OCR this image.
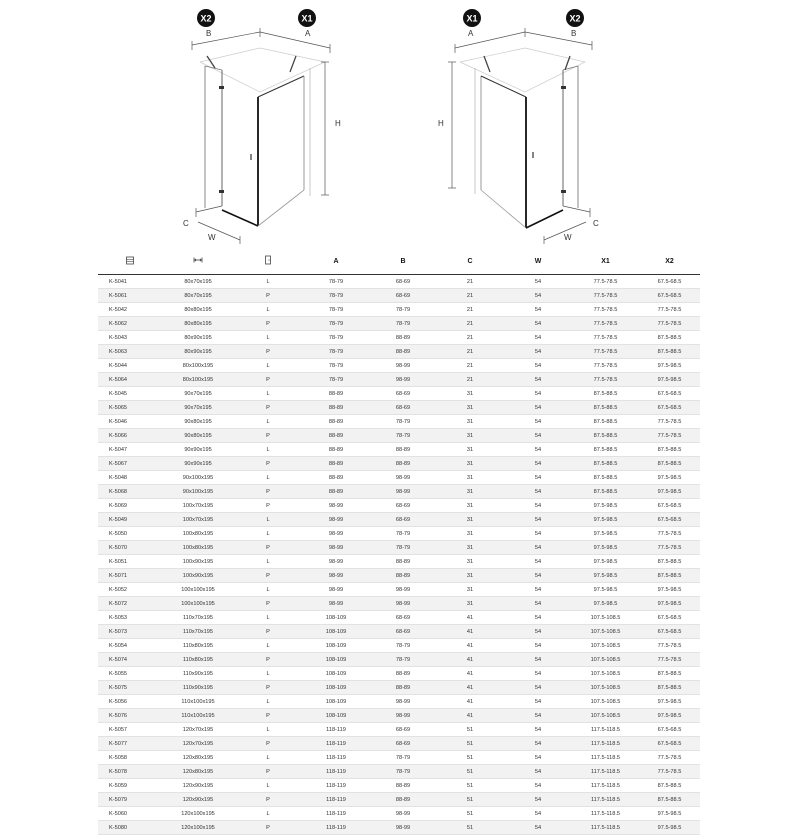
X2	X1
B	A
H
C
W
X1	X2
A	B
H
C
W
			A	B	C	W	X1	X2
K-5041	80x70x195	L	78-79	68-69	21	54	77.5-78.5	67.5-68.5
K-5061	80x70x195	P	78-79	68-69	21	54	77.5-78.5	67.5-68.5
K-5042	80x80x195	L	78-79	78-79	21	54	77.5-78.5	77.5-78.5
K-5062	80x80x195	P	78-79	78-79	21	54	77.5-78.5	77.5-78.5
K-5043	80x90x195	L	78-79	88-89	21	54	77.5-78.5	87.5-88.5
K-5063	80x90x195	P	78-79	88-89	21	54	77.5-78.5	87.5-88.5
K-5044	80x100x195	L	78-79	98-99	21	54	77.5-78.5	97.5-98.5
K-5064	80x100x195	P	78-79	98-99	21	54	77.5-78.5	97.5-98.5
K-5045	90x70x195	L	88-89	68-69	31	54	87.5-88.5	67.5-68.5
K-5065	90x70x195	P	88-89	68-69	31	54	87.5-88.5	67.5-68.5
K-5046	90x80x195	L	88-89	78-79	31	54	87.5-88.5	77.5-78.5
K-5066	90x80x195	P	88-89	78-79	31	54	87.5-88.5	77.5-78.5
K-5047	90x90x195	L	88-89	88-89	31	54	87.5-88.5	87.5-88.5
K-5067	90x90x195	P	88-89	88-89	31	54	87.5-88.5	87.5-88.5
K-5048	90x100x195	L	88-89	98-99	31	54	87.5-88.5	97.5-98.5
K-5068	90x100x195	P	88-89	98-99	31	54	87.5-88.5	97.5-98.5
K-5069	100x70x195	P	98-99	68-69	31	54	97.5-98.5	67.5-68.5
K-5049	100x70x195	L	98-99	68-69	31	54	97.5-98.5	67.5-68.5
K-5050	100x80x195	L	98-99	78-79	31	54	97.5-98.5	77.5-78.5
K-5070	100x80x195	P	98-99	78-79	31	54	97.5-98.5	77.5-78.5
K-5051	100x90x195	L	98-99	88-89	31	54	97.5-98.5	87.5-88.5
K-5071	100x90x195	P	98-99	88-89	31	54	97.5-98.5	87.5-88.5
K-5052	100x100x195	L	98-99	98-99	31	54	97.5-98.5	97.5-98.5
K-5072	100x100x195	P	98-99	98-99	31	54	97.5-98.5	97.5-98.5
K-5053	110x70x195	L	108-109	68-69	41	54	107.5-108.5	67.5-68.5
K-5073	110x70x195	P	108-109	68-69	41	54	107.5-108.5	67.5-68.5
K-5054	110x80x195	L	108-109	78-79	41	54	107.5-108.5	77.5-78.5
K-5074	110x80x195	P	108-109	78-79	41	54	107.5-108.5	77.5-78.5
K-5055	110x90x195	L	108-109	88-89	41	54	107.5-108.5	87.5-88.5
K-5075	110x90x195	P	108-109	88-89	41	54	107.5-108.5	87.5-88.5
K-5056	110x100x195	L	108-109	98-99	41	54	107.5-108.5	97.5-98.5
K-5076	110x100x195	P	108-109	98-99	41	54	107.5-108.5	97.5-98.5
K-5057	120x70x195	L	118-119	68-69	51	54	117.5-118.5	67.5-68.5
K-5077	120x70x195	P	118-119	68-69	51	54	117.5-118.5	67.5-68.5
K-5058	120x80x195	L	118-119	78-79	51	54	117.5-118.5	77.5-78.5
K-5078	120x80x195	P	118-119	78-79	51	54	117.5-118.5	77.5-78.5
K-5059	120x90x195	L	118-119	88-89	51	54	117.5-118.5	87.5-88.5
K-5079	120x90x195	P	118-119	88-89	51	54	117.5-118.5	87.5-88.5
K-5060	120x100x195	L	118-119	98-99	51	54	117.5-118.5	97.5-98.5
K-5080	120x100x195	P	118-119	98-99	51	54	117.5-118.5	97.5-98.5
